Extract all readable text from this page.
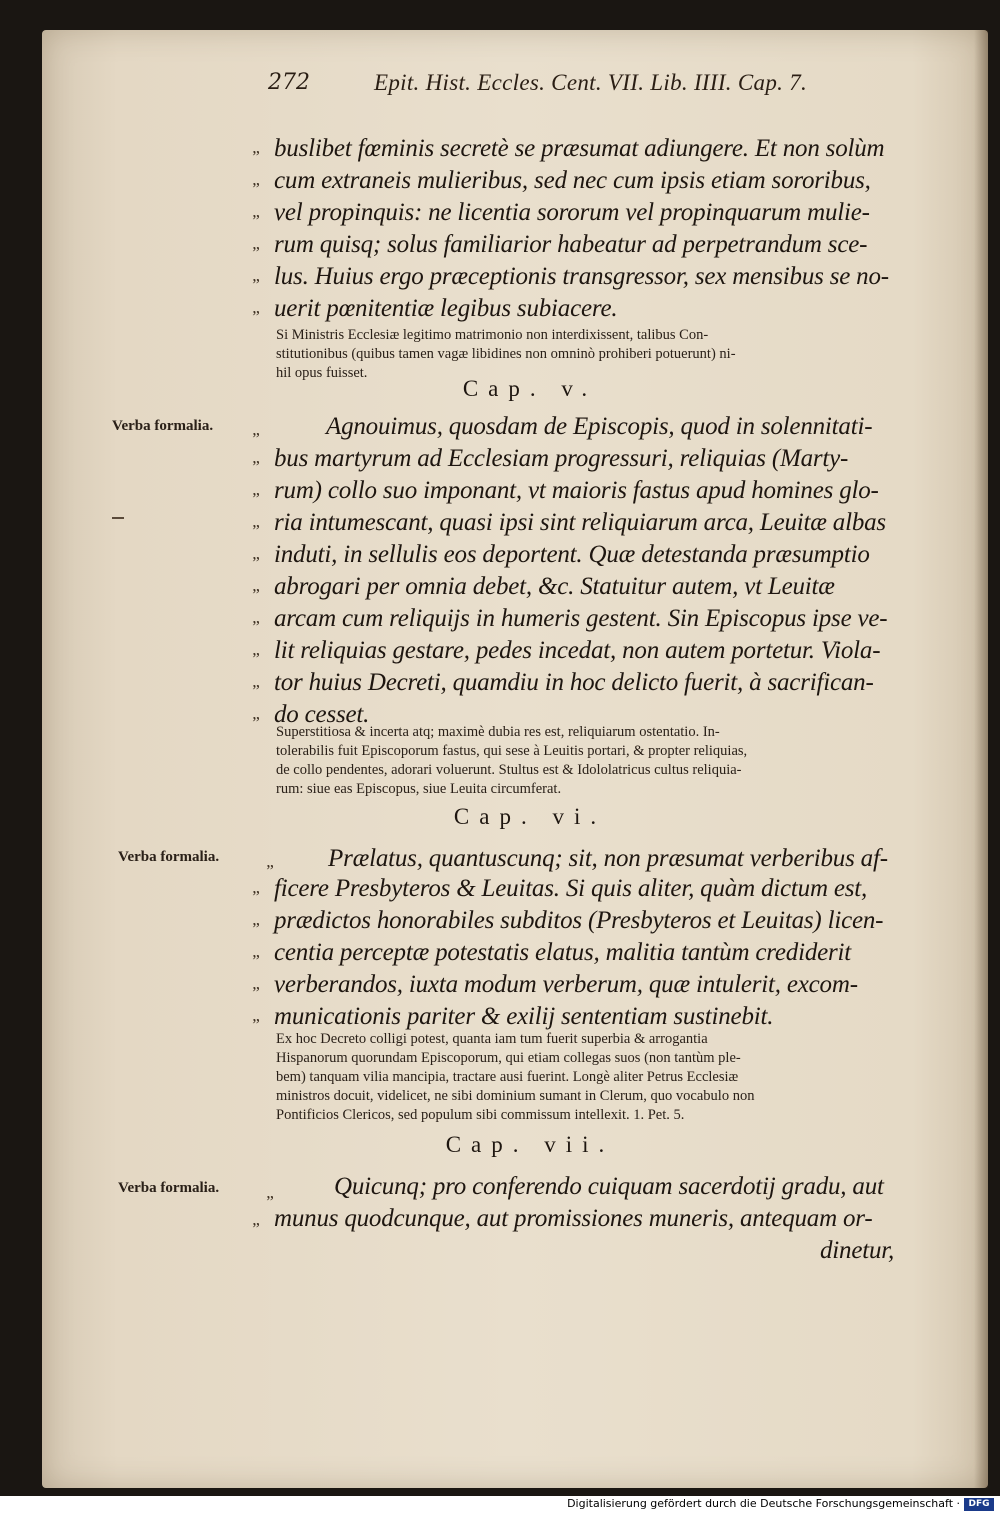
272	Epit. Hist. Eccles. Cent. VII. Lib. IIII. Cap. 7.
„ buslibet fœminis secretè se præsumat adiungere. Et non solùm
„ cum extraneis mulieribus, sed nec cum ipsis etiam sororibus,
„ vel propinquis: ne licentia sororum vel propinquarum mulie-
„ rum quisq; solus familiarior habeatur ad perpetrandum sce-
„ lus. Huius ergo præceptionis transgressor, sex mensibus se no-
„ uerit pœnitentiæ legibus subiacere.
Si Ministris Ecclesiæ legitimo matrimonio non interdixissent, talibus Con-
stitutionibus (quibus tamen vagæ libidines non omninò prohiberi potuerunt) ni-
hil opus fuisset.
Cap. v.
Verba formalia.	„	Agnouimus, quosdam de Episcopis, quod in solennitati-
„ bus martyrum ad Ecclesiam progressuri, reliquias (Marty-
„ rum) collo suo imponant, vt maioris fastus apud homines glo-
„ ria intumescant, quasi ipsi sint reliquiarum arca, Leuitæ albas
„ induti, in sellulis eos deportent. Quæ detestanda præsumptio
„ abrogari per omnia debet, &c. Statuitur autem, vt Leuitæ
„ arcam cum reliquijs in humeris gestent. Sin Episcopus ipse ve-
„ lit reliquias gestare, pedes incedat, non autem portetur. Viola-
„ tor huius Decreti, quamdiu in hoc delicto fuerit, à sacrifican-
„ do cesset.
Superstitiosa & incerta atq; maximè dubia res est, reliquiarum ostentatio. In-
tolerabilis fuit Episcoporum fastus, qui sese à Leuitis portari, & propter reliquias,
de collo pendentes, adorari voluerunt. Stultus est & Idololatricus cultus reliquia-
rum: siue eas Episcopus, siue Leuita circumferat.
Cap. vi.
Verba formalia.	„	Prælatus, quantuscunq; sit, non præsumat verberibus af-
„ ficere Presbyteros & Leuitas. Si quis aliter, quàm dictum est,
„ prædictos honorabiles subditos (Presbyteros et Leuitas) licen-
„ centia perceptæ potestatis elatus, malitia tantùm crediderit
„ verberandos, iuxta modum verberum, quæ intulerit, excom-
„ municationis pariter & exilij sententiam sustinebit.
Ex hoc Decreto colligi potest, quanta iam tum fuerit superbia & arrogantia
Hispanorum quorundam Episcoporum, qui etiam collegas suos (non tantùm ple-
bem) tanquam vilia mancipia, tractare ausi fuerint. Longè aliter Petrus Ecclesiæ
ministros docuit, videlicet, ne sibi dominium sumant in Clerum, quo vocabulo non
Pontificios Clericos, sed populum sibi commissum intellexit. 1. Pet. 5.
Cap. vii.
Verba formalia.	„	Quicunq; pro conferendo cuiquam sacerdotij gradu, aut
„ munus quodcunque, aut promissiones muneris, antequam or-
dinetur,
Digitalisierung gefördert durch die Deutsche Forschungsgemeinschaft · DFG
